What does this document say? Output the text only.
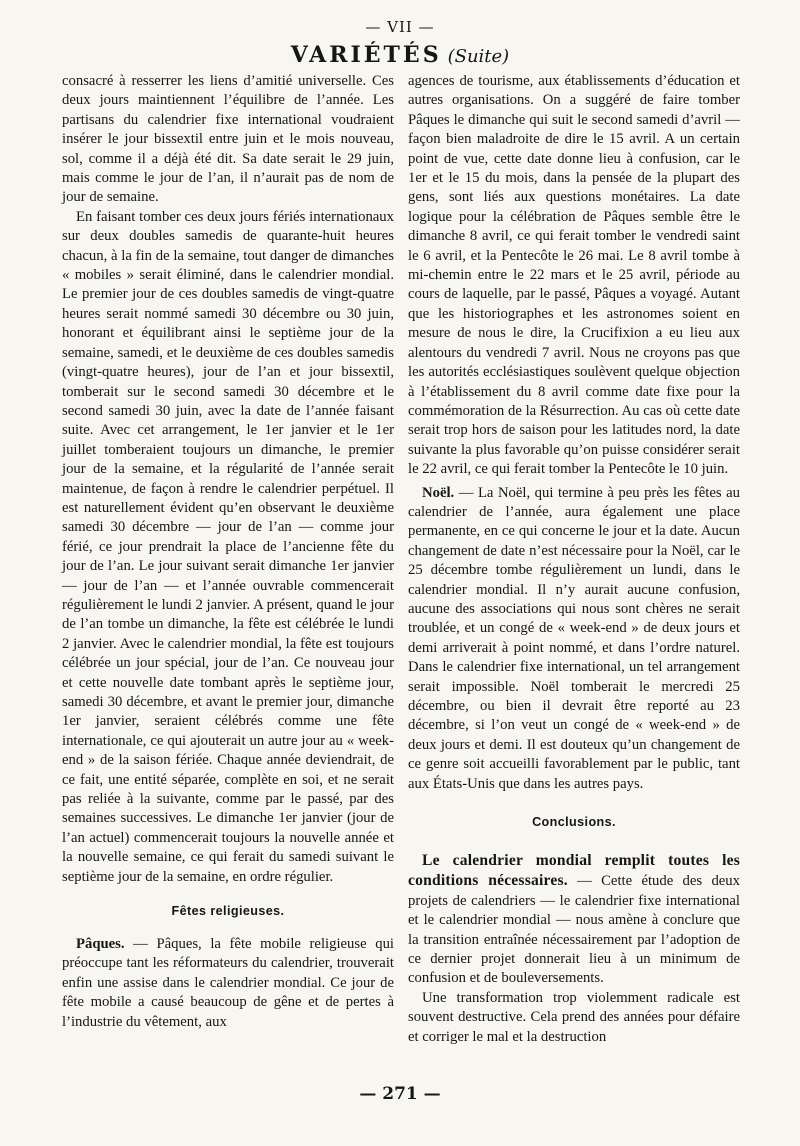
— VII —
VARIÉTÉS (Suite)

consacré à resserrer les liens d’amitié universelle. Ces deux jours maintiennent l’équilibre de l’année. Les partisans du calendrier fixe international voudraient insérer le jour bissextil entre juin et le mois nouveau, sol, comme il a déjà été dit. Sa date serait le 29 juin, mais comme le jour de l’an, il n’aurait pas de nom de jour de semaine.

En faisant tomber ces deux jours fériés internationaux sur deux doubles samedis de quarante-huit heures chacun, à la fin de la semaine, tout danger de dimanches « mobiles » serait éliminé, dans le calendrier mondial. Le premier jour de ces doubles samedis de vingt-quatre heures serait nommé samedi 30 décembre ou 30 juin, honorant et équilibrant ainsi le septième jour de la semaine, samedi, et le deuxième de ces doubles samedis (vingt-quatre heures), jour de l’an et jour bissextil, tomberait sur le second samedi 30 décembre et le second samedi 30 juin, avec la date de l’année faisant suite. Avec cet arrangement, le 1er janvier et le 1er juillet tomberaient toujours un dimanche, le premier jour de la semaine, et la régularité de l’année serait maintenue, de façon à rendre le calendrier perpétuel. Il est naturellement évident qu’en observant le deuxième samedi 30 décembre — jour de l’an — comme jour férié, ce jour prendrait la place de l’ancienne fête du jour de l’an. Le jour suivant serait dimanche 1er janvier — jour de l’an — et l’année ouvrable commencerait régulièrement le lundi 2 janvier. A présent, quand le jour de l’an tombe un dimanche, la fête est célébrée le lundi 2 janvier. Avec le calendrier mondial, la fête est toujours célébrée un jour spécial, jour de l’an. Ce nouveau jour et cette nouvelle date tombant après le septième jour, samedi 30 décembre, et avant le premier jour, dimanche 1er janvier, seraient célébrés comme une fête internationale, ce qui ajouterait un autre jour au « week-end » de la saison fériée. Chaque année deviendrait, de ce fait, une entité séparée, complète en soi, et ne serait pas reliée à la suivante, comme par le passé, par des semaines successives. Le dimanche 1er janvier (jour de l’an actuel) commencerait toujours la nouvelle année et la nouvelle semaine, ce qui ferait du samedi suivant le septième jour de la semaine, en ordre régulier.

Fêtes religieuses.

Pâques. — Pâques, la fête mobile religieuse qui préoccupe tant les réformateurs du calendrier, trouverait enfin une assise dans le calendrier mondial. Ce jour de fête mobile a causé beaucoup de gêne et de pertes à l’industrie du vêtement, aux

agences de tourisme, aux établissements d’éducation et autres organisations. On a suggéré de faire tomber Pâques le dimanche qui suit le second samedi d’avril — façon bien maladroite de dire le 15 avril. A un certain point de vue, cette date donne lieu à confusion, car le 1er et le 15 du mois, dans la pensée de la plupart des gens, sont liés aux questions monétaires. La date logique pour la célébration de Pâques semble être le dimanche 8 avril, ce qui ferait tomber le vendredi saint le 6 avril, et la Pentecôte le 26 mai. Le 8 avril tombe à mi-chemin entre le 22 mars et le 25 avril, période au cours de laquelle, par le passé, Pâques a voyagé. Autant que les historiographes et les astronomes soient en mesure de nous le dire, la Crucifixion a eu lieu aux alentours du vendredi 7 avril. Nous ne croyons pas que les autorités ecclésiastiques soulèvent quelque objection à l’établissement du 8 avril comme date fixe pour la commémoration de la Résurrection. Au cas où cette date serait trop hors de saison pour les latitudes nord, la date suivante la plus favorable qu’on puisse considérer serait le 22 avril, ce qui ferait tomber la Pentecôte le 10 juin.

Noël. — La Noël, qui termine à peu près les fêtes au calendrier de l’année, aura également une place permanente, en ce qui concerne le jour et la date. Aucun changement de date n’est nécessaire pour la Noël, car le 25 décembre tombe régulièrement un lundi, dans le calendrier mondial. Il n’y aurait aucune confusion, aucune des associations qui nous sont chères ne serait troublée, et un congé de « week-end » de deux jours et demi arriverait à point nommé, et dans l’ordre naturel. Dans le calendrier fixe international, un tel arrangement serait impossible. Noël tomberait le mercredi 25 décembre, ou bien il devrait être reporté au 23 décembre, si l’on veut un congé de « week-end » de deux jours et demi. Il est douteux qu’un changement de ce genre soit accueilli favorablement par le public, tant aux États-Unis que dans les autres pays.

Conclusions.

Le calendrier mondial remplit toutes les conditions nécessaires. — Cette étude des deux projets de calendriers — le calendrier fixe international et le calendrier mondial — nous amène à conclure que la transition entraînée nécessairement par l’adoption de ce dernier projet donnerait lieu à un minimum de confusion et de bouleversements.

Une transformation trop violemment radicale est souvent destructive. Cela prend des années pour défaire et corriger le mal et la destruction

— 271 —
